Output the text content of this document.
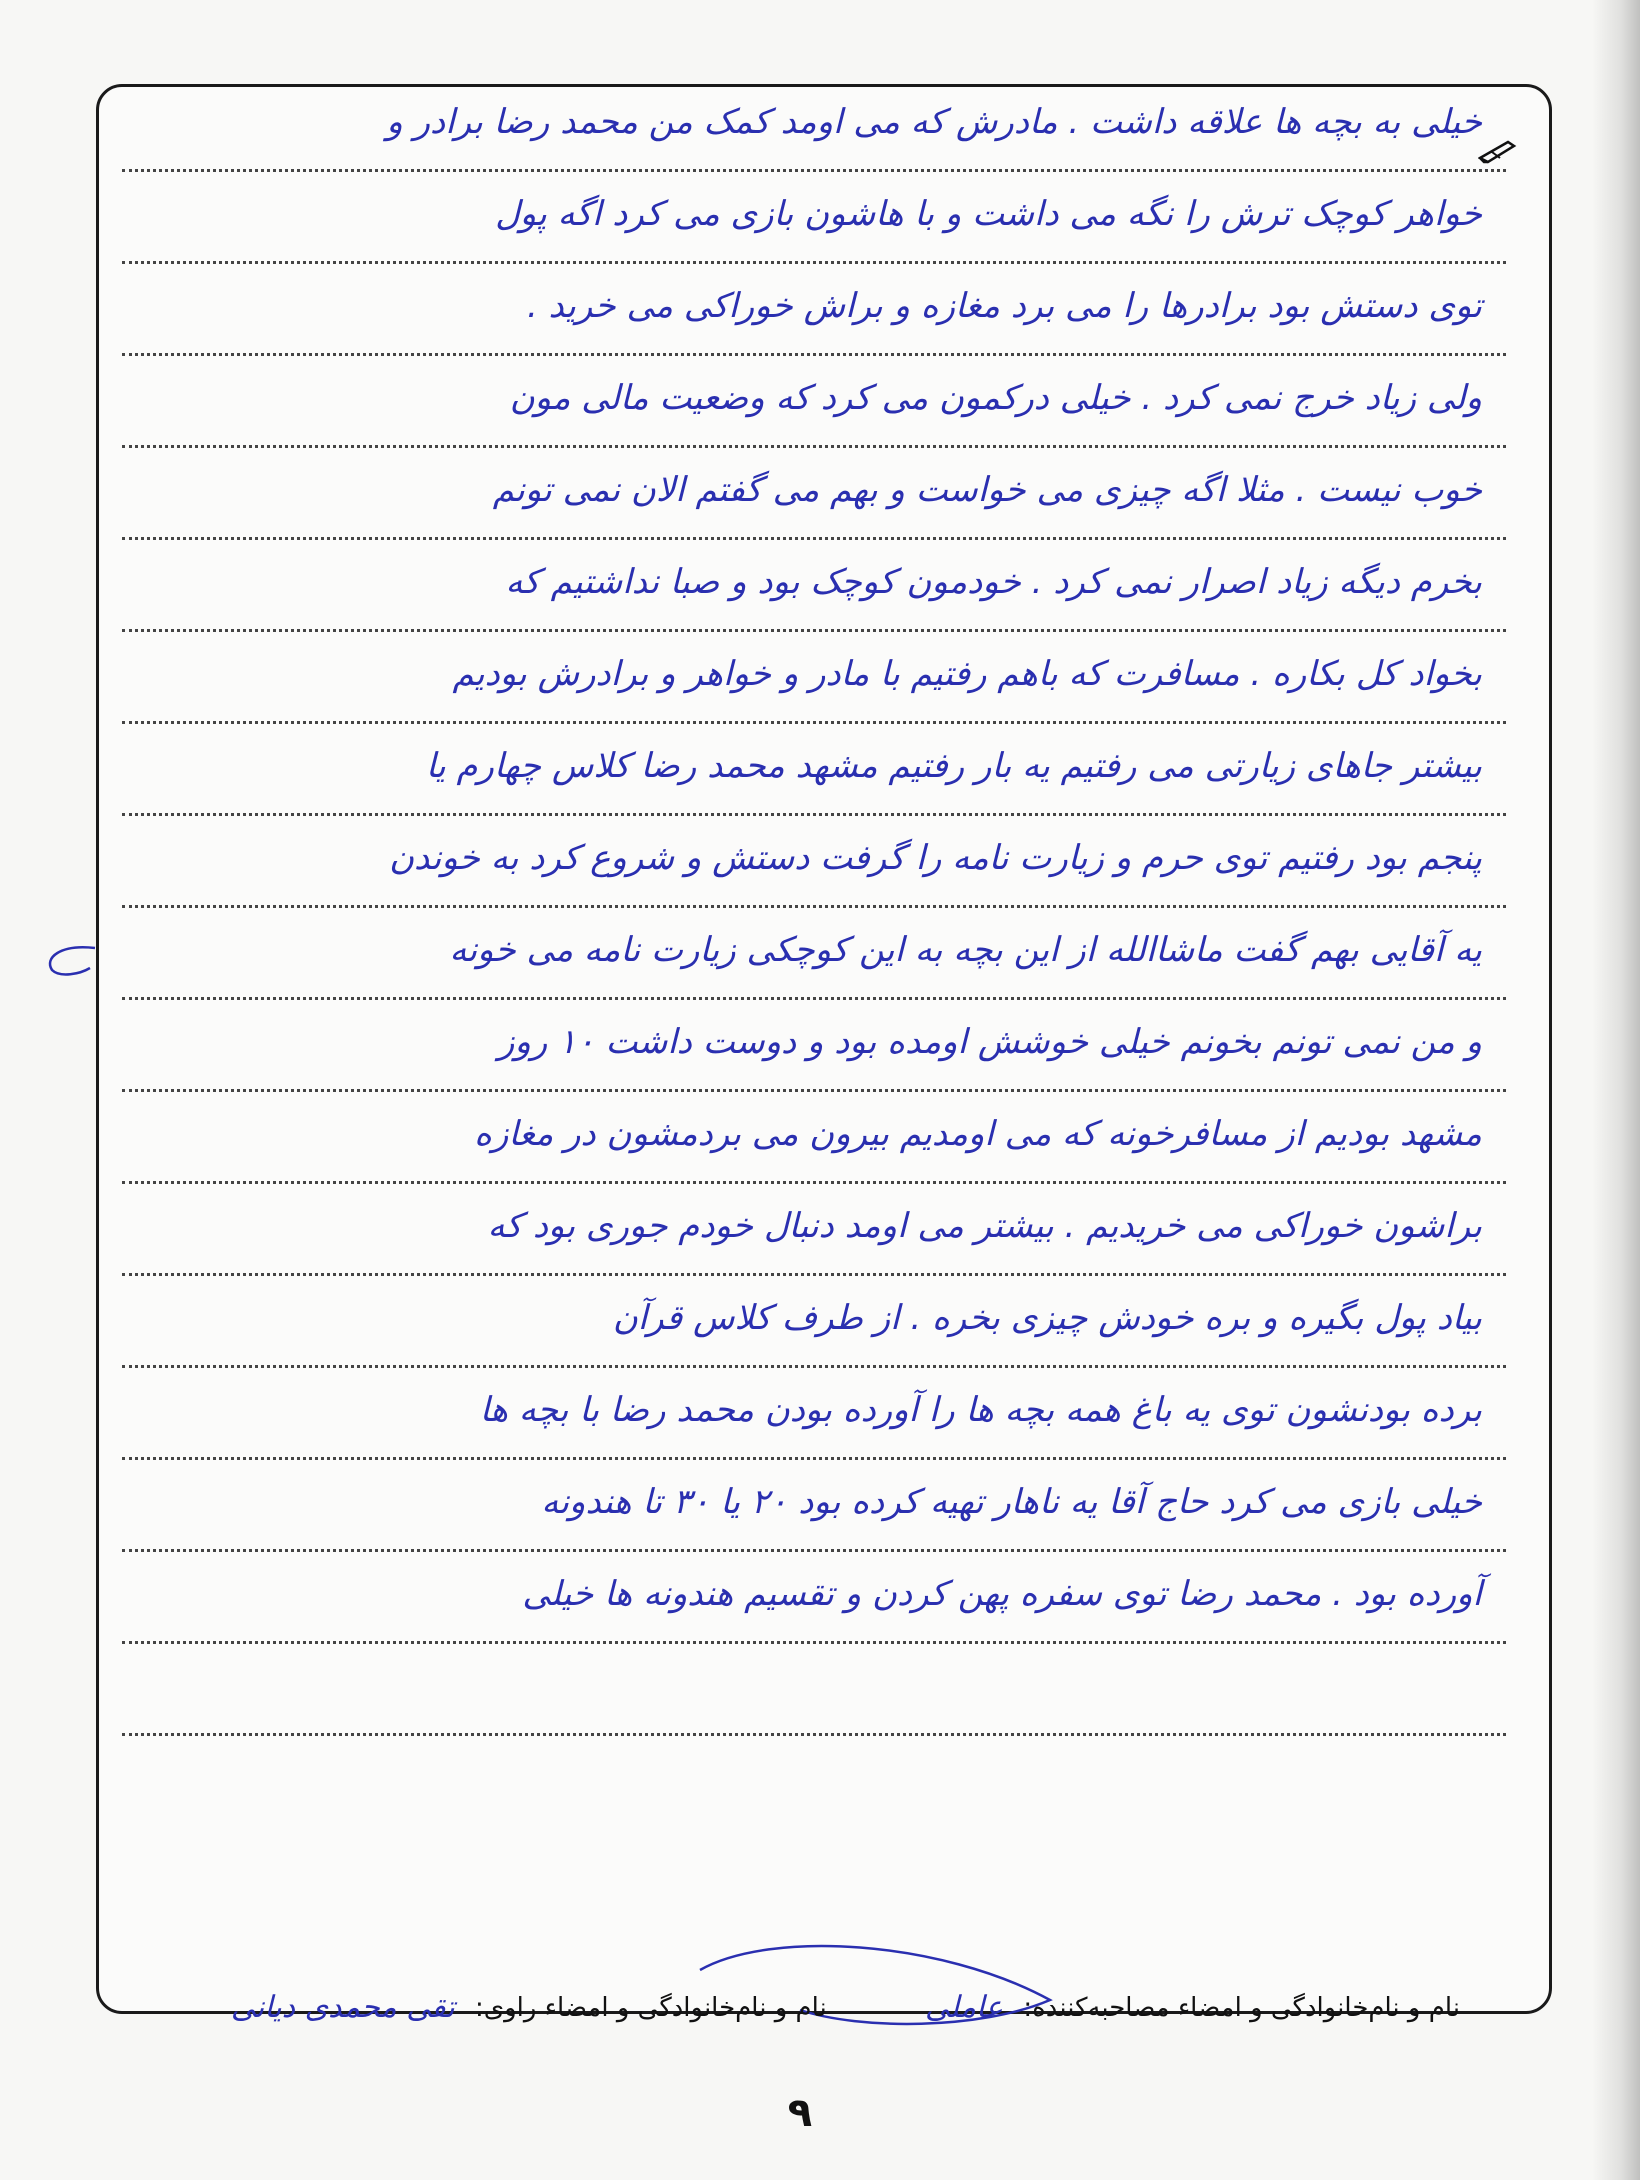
خیلی به بچه ها علاقه داشت . مادرش که می اومد کمک من محمد رضا برادر و
خواهر کوچک ترش را نگه می داشت و با هاشون بازی می کرد اگه پول
توی دستش بود برادرها را می برد مغازه و براش خوراکی می خرید .
ولی زیاد خرج نمی کرد . خیلی درکمون می کرد که وضعیت مالی مون
خوب نیست . مثلا اگه چیزی می خواست و بهم می گفتم الان نمی تونم
بخرم دیگه زیاد اصرار نمی کرد . خودمون کوچک بود و صبا نداشتیم که
بخواد کل بکاره . مسافرت که باهم رفتیم با مادر و خواهر و برادرش بودیم
بیشتر جاهای زیارتی می رفتیم یه بار رفتیم مشهد محمد رضا کلاس چهارم یا
پنجم بود رفتیم توی حرم و زیارت نامه را گرفت دستش و شروع کرد به خوندن
یه آقایی بهم گفت ماشاالله از این بچه به این کوچکی زیارت نامه می خونه
و من نمی تونم بخونم خیلی خوشش اومده بود و دوست داشت ۱۰ روز
مشهد بودیم از مسافرخونه که می اومدیم بیرون می بردمشون در مغازه
براشون خوراکی می خریدیم . بیشتر می اومد دنبال خودم جوری بود که
بیاد پول بگیره و بره خودش چیزی بخره . از طرف کلاس قرآن
برده بودنشون توی یه باغ همه بچه ها را آورده بودن محمد رضا با بچه ها
خیلی بازی می کرد حاج آقا یه ناهار تهیه کرده بود ۲۰ یا ۳۰ تا هندونه
آورده بود . محمد رضا توی سفره پهن کردن و تقسیم هندونه ها خیلی
نام و نام‌خانوادگی و امضاء مصاحبه‌کننده: عاملی نام و نام‌خانوادگی و امضاء راوی: تقی محمدی دیانی
۹
